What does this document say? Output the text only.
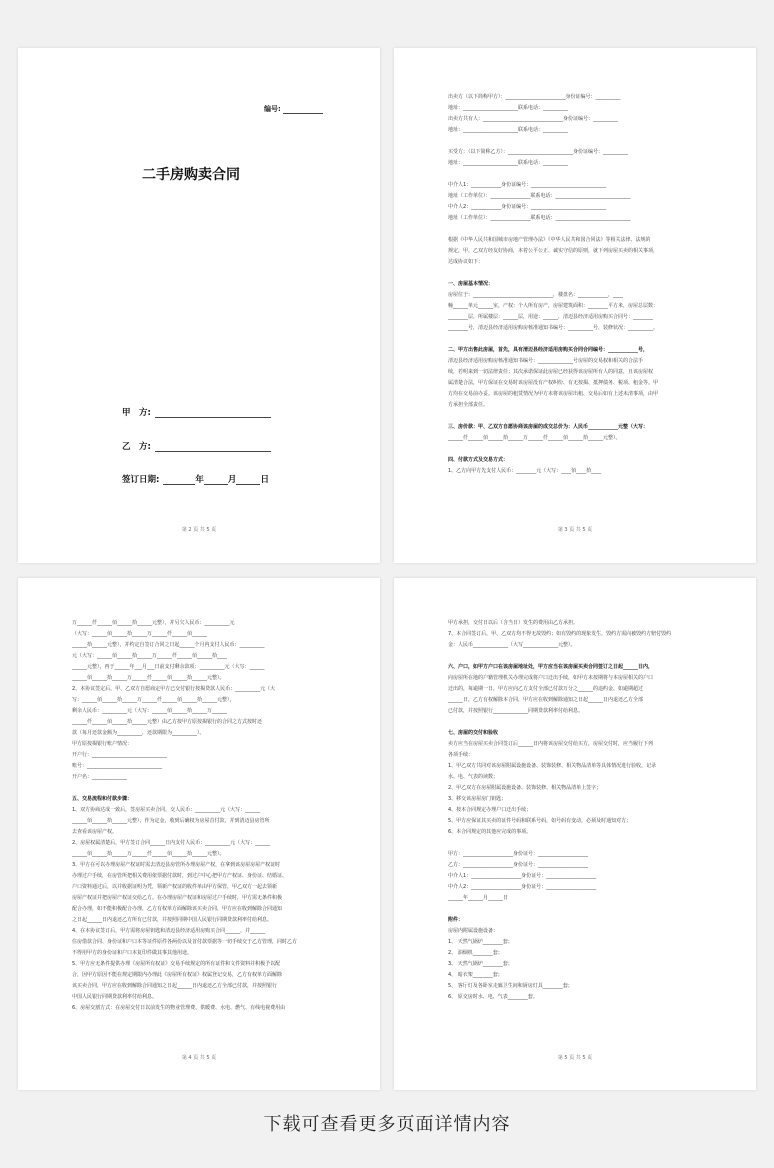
编号:
二手房购卖合同
甲　方:
乙　方:
签订日期:	年	月	日
第 2 页 共 5 页
出卖方（以下简称甲方）：________________________身份证编号：__________
地址：______________________联系电话：__________
出卖方共有人：________________________________身份证编号：__________
地址：______________________联系电话：__________

买受方：（以下简称乙方）：__________________________身份证编号：__________
地址：______________________联系电话：__________

中介人1：____________身份证编号：______________________________
地址（工作单位）：________________联系电话：______________________________
中介人2：____________身份证编号：______________________________
地址（工作单位）：________________联系电话：______________________________

根据《中华人民共和国城市房地产管理办法》《中华人民共和国合同法》等相关法律、法规的
规定，甲、乙双方经友好协商，本着公平公正、诚实守信的原则，就下列房屋买卖的相关事项，
达成协议如下：

一、房屋基本情况：
房屋位于：________________________________，楼盘名：____________，____
幢______单元______室，产权：个人所有房产，房屋建筑面积：________平方米，房屋总层数：
________层，所属楼层：______层，用途：______，清迈县经济适用房购买合同号：________
________号，清迈县经济适用房购房核准通知书编号：__________号，装修状况：__________。

二、甲方出售此房屋，首先，具有清迈县经济适用房购买合同合同编号：____________号，
清迈县经济适用房购房核准通知书编号：______________号房屋的交易权和相关的合法手
续，若明来到一切法律责任；其次承诺保证此房屋已经获得该房屋所有人的同意，且该房屋权
属清楚合法，甲方保证在交易时该房屋没有产权纠纷、有无按揭、抵押债务、税项、租金等。甲
方均在交易前办妥。该房屋的租赁情况为甲方未将该房屋出租、交易后如有上述未清事项，由甲
方承担全部责任。

三、房价款：甲、乙双方自愿协商该房屋的成交总价为：人民币____________元整（大写：
______仟______佰______拾______万______仟______佰______拾______元整）。

四、付款方式及交易方式：
1、乙方向甲方先支付人民币：________元（大写：____佰____拾____
第 3 页 共 5 页
万______仟______佰______拾______元整），并另欠人民币：__________元
（大写：______佰______拾______万______仟______佰______
______拾______元整），并约定自签订合同之日起______个月内支付人民币：__________
元（大写：______佰______拾______万______仟______佰______拾____
______元整），再于______年___月___日前支付剩余款项：__________元（大写：______
______佰______拾______万______仟______佰______拾______元整）。
2、本协议签定后，甲、乙双方自愿商定甲方已交付银行按揭贷款人民币：__________元（大
写：______佰______拾______万______仟______佰______拾______元整），
剩余人民币：__________元（大写：______佰______拾______万______
______仟______佰______拾______元整）由乙方按甲方原按揭银行的合同之方式按时还
款（每月还款金额为__________，还款期限为__________）。
甲方原按揭银行账户情况：
开户行：______________________________
账号：______________________________
开户名：______________

五、交易流程和付款步骤：
1、双方协商达成一致后，签房屋买卖合同，交人民币：__________元（大写：______
______佰______拾______元整），作为定金，收到后确权为房屋首付款，并到清迈县房管所
去查看该房屋产权。
2、房屋权属清楚后，甲方签订合同______日内支付人民币：__________元（大写：______
______佰______拾______万______仟______佰______拾______元整）。
3、甲方在可以办理房屋产权证时需去清迈县房管所办理房屋产权，在拿到该房屋房屋产权证时
办理过户手续，在房管所把相关费用依票据付款时，到过户中心把甲方产权证、身份证、结婚证、
户口资料通过后，以并收据证明为凭，领新产权证的收件单由甲方保管，甲乙双方一起去领新
房屋产权证并把房屋产权证交给乙方。在办理房屋产权证和房屋过户手续时，甲方需无条件积极
配合办理，如不能积极配合办理，乙方有权单方面解除该买卖合同，甲方应在收到解除合同通知
之日起______日内退还乙方所有已付款，并按照同期中国人民银行同期贷款利率付给利息。
4、在本协议签订后，甲方需将房屋钥匙和清迈县经济适用房购买合同______，并______
住房借款合同、身份证和户口本等证件原件各两份以及首付款票据等一切手续交于乙方管理，同时乙方
不得用甲方的身份证和户口本复印件做其事其他用途。
5、甲方应无条件提供办理《房屋所有权证》交易手续规定的所有证件和文件资料并积极予以配
合，因甲方原因不能在规定期限内办理此《房屋所有权证》权属登记交易，乙方有权单方面解除
该买卖合同，甲方应在收到解除合同通知之日起______日内退还乙方全部已付款，并按照银行
中国人民银行同期贷款利率付给利息。
6、房屋交割方式：在房屋交付日以前发生的物业管理费、供暖费、水电、燃气、有线电视费用由
第 4 页 共 5 页
甲方承担，交付日以后（含当日）发生的费用由乙方承担。
7、本合同签订后，甲、乙双方均不得无故毁约；如有毁约的现象发生，毁约方需向被毁约方赔付毁约
金：人民币______________（大写______________元整）。

六、户口，如甲方户口在该房屋地址处，甲方应当在该房屋买卖合同签订之日起______日内，
向房屋所在地的户籍管理机关办理完成将户口迁出手续，如甲方未按期将与本房屋相关的户口
迁出的，每逾期一日，甲方应向乙方支付全部已付款万分之______的违约金。如逾期超过
______日，乙方有权解除本合同，甲方应在收到解除通知之日起______日内退还乙方全部
已付款，并按照银行______________同期贷款利率付给利息。

七、房屋的交付和验收
卖方应当在房屋买卖合同签订后______日内将该房屋交付给买方，房屋交付时，应当履行下列
各项手续：
1、甲乙双方共同对该房屋附属设施设备、装饰装修、相关物品清单等具体情况进行验收，记录
水、电、气表的读数；
2、甲乙双方在房屋附属设施设备、装饰装修、相关物品清单上签字；
3、移交该房屋房门钥匙；
4、按本合同规定办理户口迁出手续；
5、甲方应保证其买卖的证件号码和联系号码，如号码有变动，必须及时通知对方；
6、本合同规定的其他应完成的事项。

甲方：____________________身份证号：____________________
乙方：____________________身份证号：____________________
中介人1：____________________身份证号：____________________
中介人2：____________________身份证号：____________________
______年______月______日

附件：
房屋内附属设施设备：
1、 天然气锅炉________套；
2、 油烟机________套；
3、 天然气锅炉________套；
4、 暗衣架________套；
5、 客厅灯及各卧室走廊卫生间和厨房灯具________套；
6、 原交房时水、电、气表________套。
第 5 页 共 5 页
下载可查看更多页面详情内容
